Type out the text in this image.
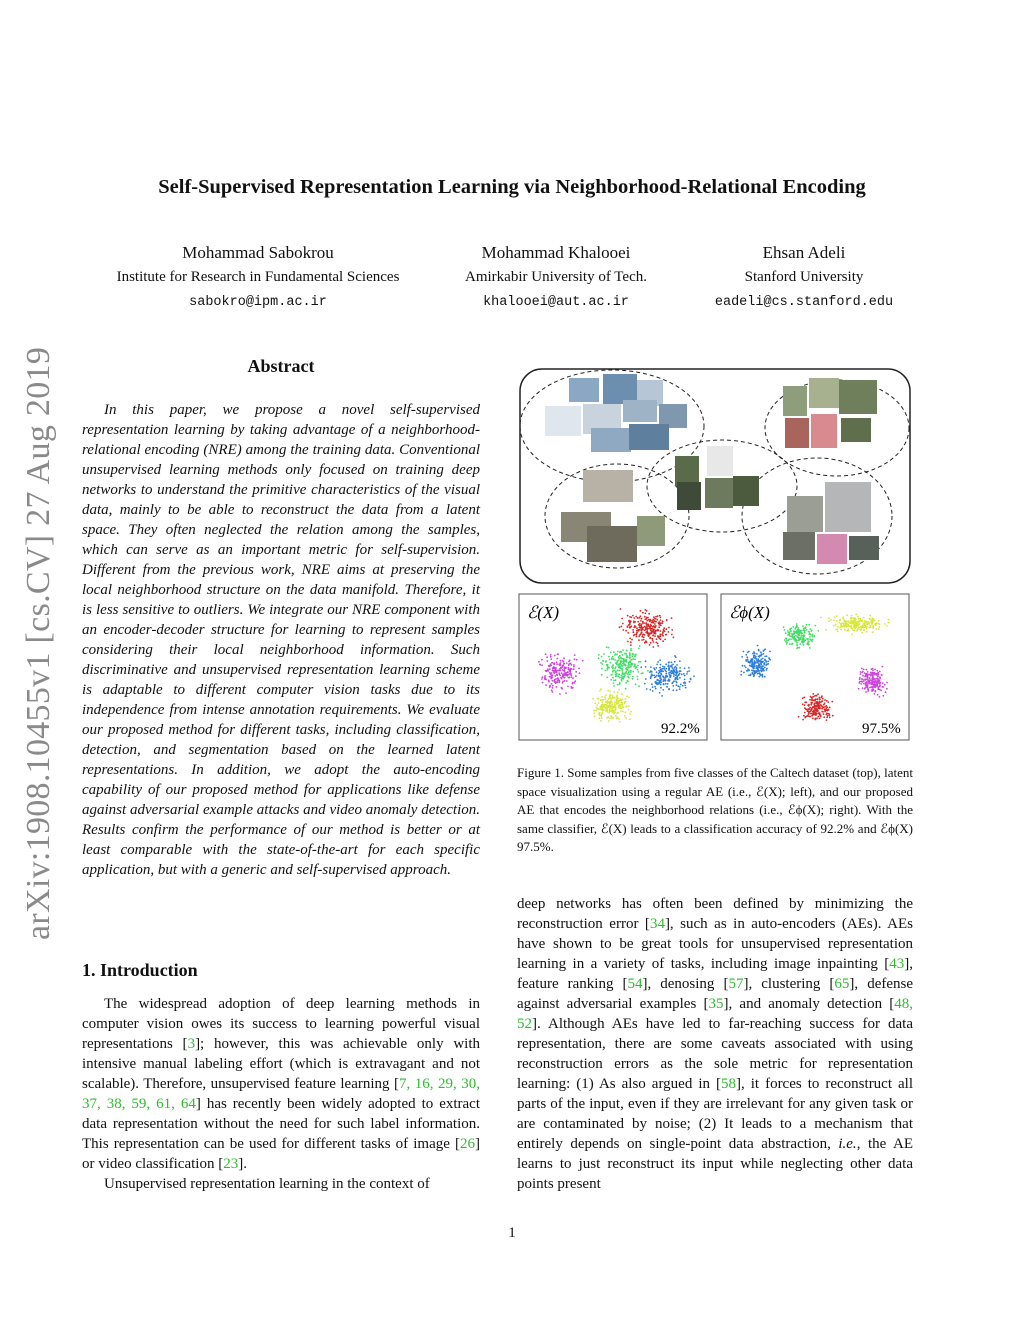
arXiv:1908.10455v1 [cs.CV] 27 Aug 2019
Self-Supervised Representation Learning via Neighborhood-Relational Encoding
Mohammad Sabokrou
Institute for Research in Fundamental Sciences
sabokro@ipm.ac.ir
Mohammad Khalooei
Amirkabir University of Tech.
khalooei@aut.ac.ir
Ehsan Adeli
Stanford University
eadeli@cs.stanford.edu
Abstract
In this paper, we propose a novel self-supervised representation learning by taking advantage of a neighborhood-relational encoding (NRE) among the training data. Conventional unsupervised learning methods only focused on training deep networks to understand the primitive characteristics of the visual data, mainly to be able to reconstruct the data from a latent space. They often neglected the relation among the samples, which can serve as an important metric for self-supervision. Different from the previous work, NRE aims at preserving the local neighborhood structure on the data manifold. Therefore, it is less sensitive to outliers. We integrate our NRE component with an encoder-decoder structure for learning to represent samples considering their local neighborhood information. Such discriminative and unsupervised representation learning scheme is adaptable to different computer vision tasks due to its independence from intense annotation requirements. We evaluate our proposed method for different tasks, including classification, detection, and segmentation based on the learned latent representations. In addition, we adopt the auto-encoding capability of our proposed method for applications like defense against adversarial example attacks and video anomaly detection. Results confirm the performance of our method is better or at least comparable with the state-of-the-art for each specific application, but with a generic and self-supervised approach.
1. Introduction

The widespread adoption of deep learning methods in computer vision owes its success to learning powerful visual representations [3]; however, this was achievable only with intensive manual labeling effort (which is extravagant and not scalable). Therefore, unsupervised feature learning [7, 16, 29, 30, 37, 38, 59, 61, 64] has recently been widely adopted to extract data representation without the need for such label information. This representation can be used for different tasks of image [26] or video classification [23].

Unsupervised representation learning in the context of

ℰ(X)	ℰϕ(X)
92.2%	97.5%
Figure 1. Some samples from five classes of the Caltech dataset (top), latent space visualization using a regular AE (i.e., ℰ(X); left), and our proposed AE that encodes the neighborhood relations (i.e., ℰϕ(X); right). With the same classifier, ℰ(X) leads to a classification accuracy of 92.2% and ℰϕ(X) 97.5%.

deep networks has often been defined by minimizing the reconstruction error [34], such as in auto-encoders (AEs). AEs have shown to be great tools for unsupervised representation learning in a variety of tasks, including image inpainting [43], feature ranking [54], denosing [57], clustering [65], defense against adversarial examples [35], and anomaly detection [48, 52]. Although AEs have led to far-reaching success for data representation, there are some caveats associated with using reconstruction errors as the sole metric for representation learning: (1) As also argued in [58], it forces to reconstruct all parts of the input, even if they are irrelevant for any given task or are contaminated by noise; (2) It leads to a mechanism that entirely depends on single-point data abstraction, i.e., the AE learns to just reconstruct its input while neglecting other data points present

1
